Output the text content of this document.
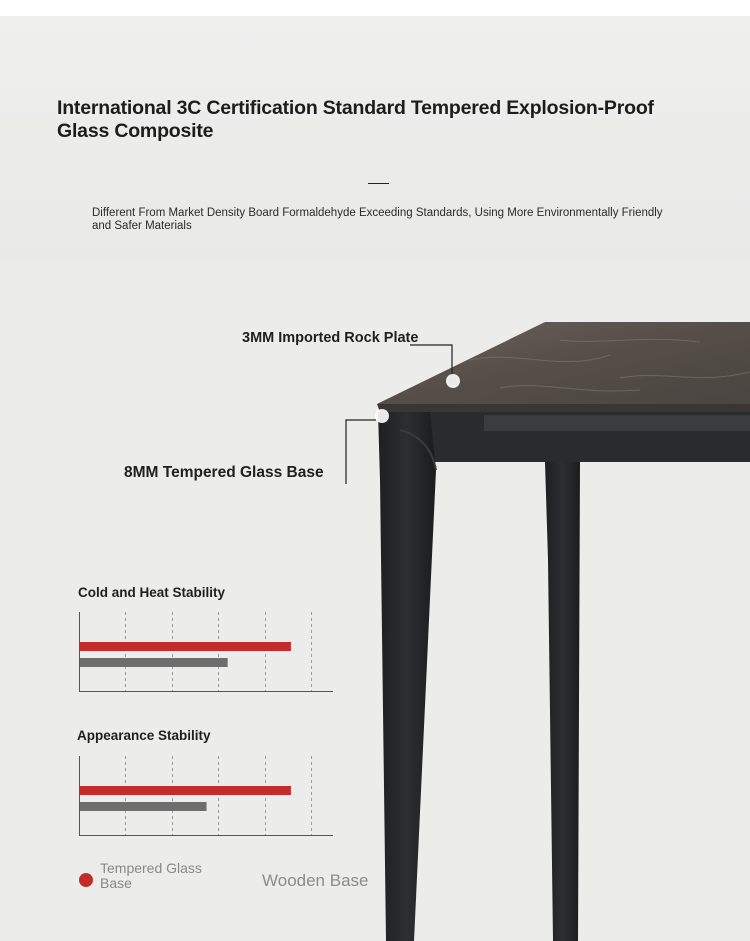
International 3C Certification Standard Tempered Explosion-Proof Glass Composite
Different From Market Density Board Formaldehyde Exceeding Standards, Using More Environmentally Friendly and Safer Materials
3MM Imported Rock Plate
8MM Tempered Glass Base
Cold and Heat Stability
Appearance Stability
Tempered Glass Base	Wooden Base
